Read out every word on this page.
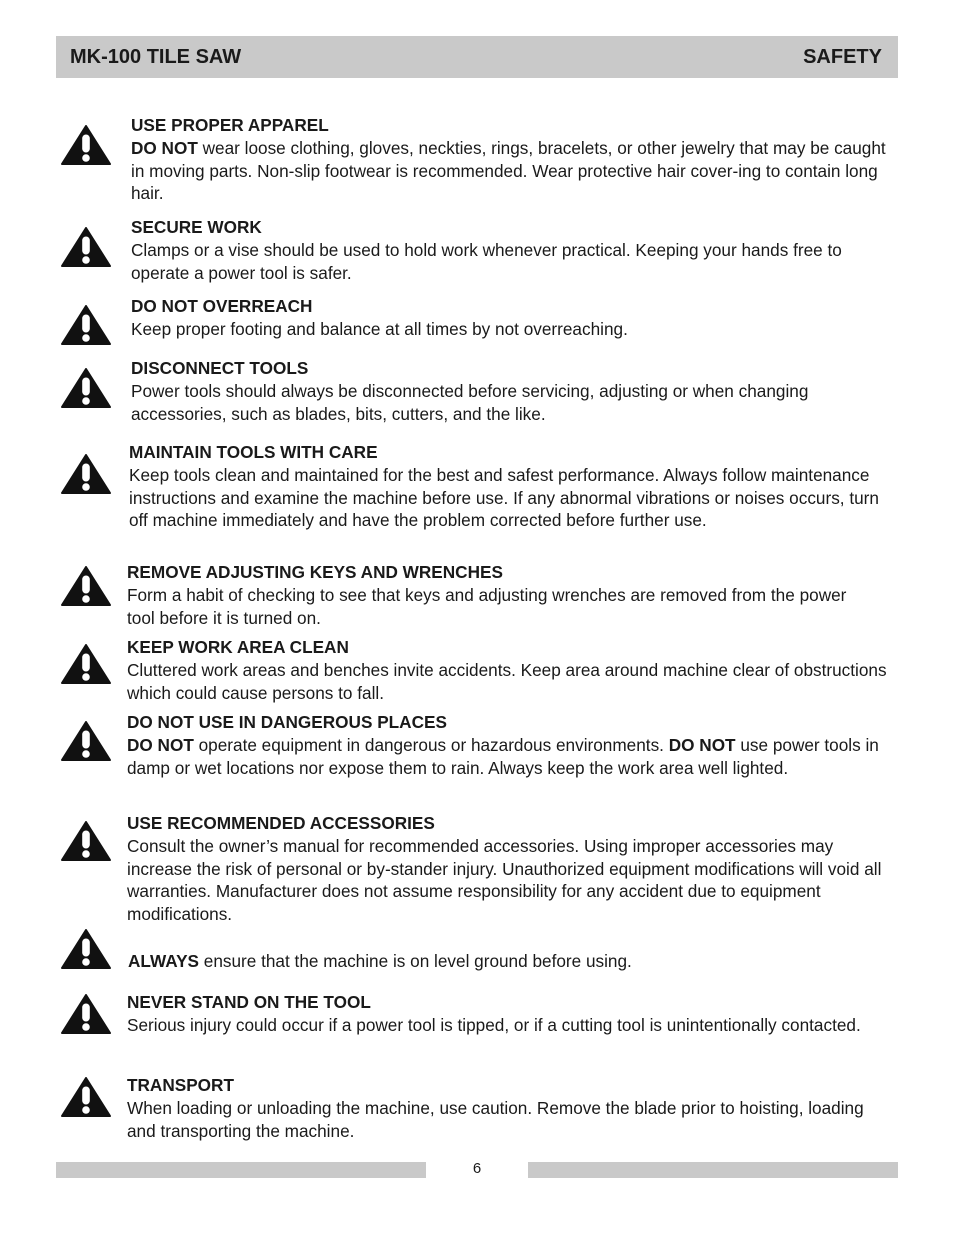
MK-100 TILE SAW	SAFETY
USE PROPER APPAREL
DO NOT wear loose clothing, gloves, neckties, rings, bracelets, or other jewelry that may be caught in moving parts. Non-slip footwear is recommended. Wear protective hair cover-ing to contain long hair.
SECURE WORK
Clamps or a vise should be used to hold work whenever practical. Keeping your hands free to operate a power tool is safer.
DO NOT OVERREACH
Keep proper footing and balance at all times by not overreaching.
DISCONNECT TOOLS
Power tools should always be disconnected before servicing, adjusting or when changing accessories, such as blades, bits, cutters, and the like.
MAINTAIN TOOLS WITH CARE
Keep tools clean and maintained for the best and safest performance. Always follow maintenance instructions and examine the machine before use. If any abnormal vibrations or noises occurs, turn off machine immediately and have the problem corrected before further use.
REMOVE ADJUSTING KEYS AND WRENCHES
Form a habit of checking to see that keys and adjusting wrenches are removed from the power tool before it is turned on.
KEEP WORK AREA CLEAN
Cluttered work areas and benches invite accidents. Keep area around machine clear of obstructions which could cause persons to fall.
DO NOT USE IN DANGEROUS PLACES
DO NOT operate equipment in dangerous or hazardous environments. DO NOT use power tools in damp or wet locations nor expose them to rain. Always keep the work area well lighted.
USE RECOMMENDED ACCESSORIES
Consult the owner’s manual for recommended accessories. Using improper accessories may increase the risk of personal or by-stander injury. Unauthorized equipment modifications will void all warranties. Manufacturer does not assume responsibility for any accident due to equipment modifications.
ALWAYS ensure that the machine is on level ground before using.
NEVER STAND ON THE TOOL
Serious injury could occur if a power tool is tipped, or if a cutting tool is unintentionally contacted.
TRANSPORT
When loading or unloading the machine, use caution. Remove the blade prior to hoisting, loading and transporting the machine.
6
